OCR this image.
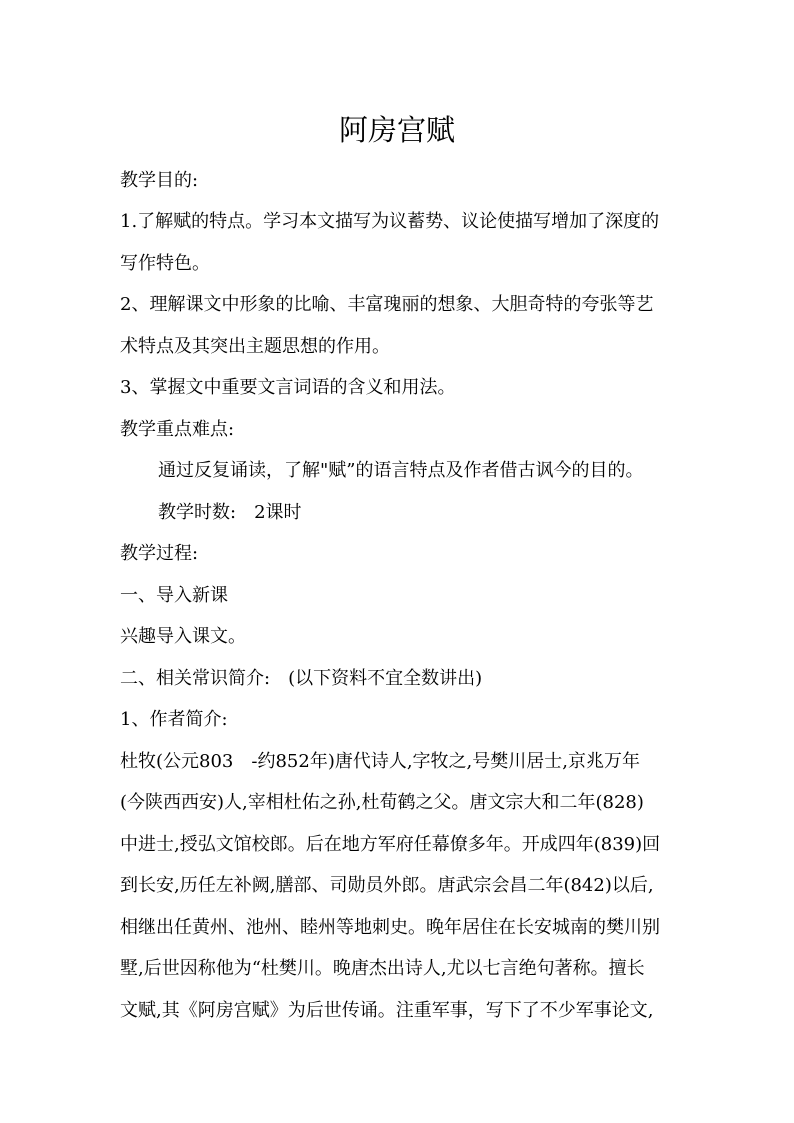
阿房宫赋
教学目的:
1.了解赋的特点。学习本文描写为议蓄势、议论使描写增加了深度的
写作特色。
2、理解课文中形象的比喻、丰富瑰丽的想象、大胆奇特的夸张等艺
术特点及其突出主题思想的作用。
3、掌握文中重要文言词语的含义和用法。
教学重点难点:
通过反复诵读，了解"赋”的语言特点及作者借古讽今的目的。
教学时数:　2课时
教学过程:
一、导入新课
兴趣导入课文。
二、相关常识简介:　(以下资料不宜全数讲出)
1、作者简介:
杜牧(公元803　-约852年)唐代诗人,字牧之,号樊川居士,京兆万年
(今陕西西安)人,宰相杜佑之孙,杜荀鹤之父。唐文宗大和二年(828)
中进士,授弘文馆校郎。后在地方军府任幕僚多年。开成四年(839)回
到长安,历任左补阙,膳部、司勋员外郎。唐武宗会昌二年(842)以后,
相继出任黄州、池州、睦州等地刺史。晚年居住在长安城南的樊川别
墅,后世因称他为“杜樊川。晚唐杰出诗人,尤以七言绝句著称。擅长
文赋,其《阿房宫赋》为后世传诵。注重军事，写下了不少军事论文,
